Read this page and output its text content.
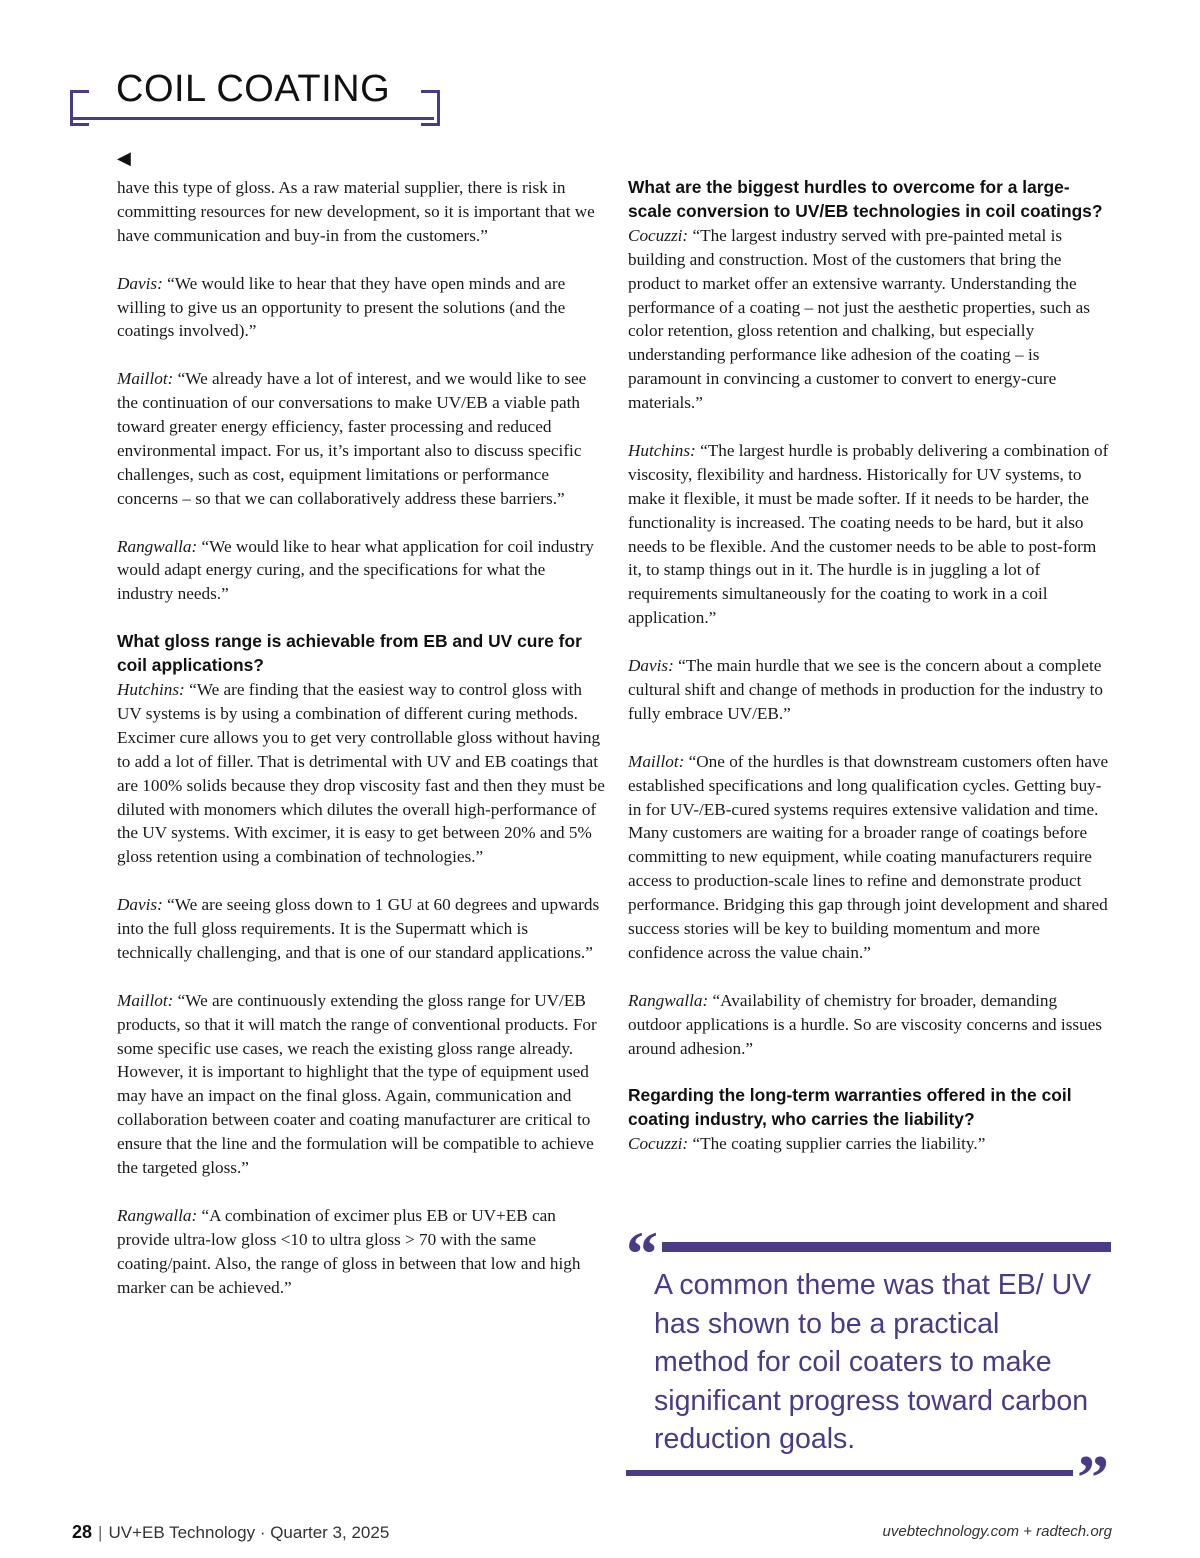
COIL COATING
◀

have this type of gloss. As a raw material supplier, there is risk in committing resources for new development, so it is important that we have communication and buy-in from the customers.”

Davis: “We would like to hear that they have open minds and are willing to give us an opportunity to present the solutions (and the coatings involved).”

Maillot: “We already have a lot of interest, and we would like to see the continuation of our conversations to make UV/EB a viable path toward greater energy efficiency, faster processing and reduced environmental impact. For us, it’s important also to discuss specific challenges, such as cost, equipment limitations or performance concerns – so that we can collaboratively address these barriers.”

Rangwalla: “We would like to hear what application for coil industry would adapt energy curing, and the specifications for what the industry needs.”

What gloss range is achievable from EB and UV cure for coil applications?

Hutchins: “We are finding that the easiest way to control gloss with UV systems is by using a combination of different curing methods. Excimer cure allows you to get very controllable gloss without having to add a lot of filler. That is detrimental with UV and EB coatings that are 100% solids because they drop viscosity fast and then they must be diluted with monomers which dilutes the overall high-performance of the UV systems. With excimer, it is easy to get between 20% and 5% gloss retention using a combination of technologies.”

Davis: “We are seeing gloss down to 1 GU at 60 degrees and upwards into the full gloss requirements. It is the Supermatt which is technically challenging, and that is one of our standard applications.”

Maillot: “We are continuously extending the gloss range for UV/EB products, so that it will match the range of conventional products. For some specific use cases, we reach the existing gloss range already. However, it is important to highlight that the type of equipment used may have an impact on the final gloss. Again, communication and collaboration between coater and coating manufacturer are critical to ensure that the line and the formulation will be compatible to achieve the targeted gloss.”

Rangwalla: “A combination of excimer plus EB or UV+EB can provide ultra-low gloss <10 to ultra gloss > 70 with the same coating/paint. Also, the range of gloss in between that low and high marker can be achieved.”

What are the biggest hurdles to overcome for a large-scale conversion to UV/EB technologies in coil coatings?

Cocuzzi: “The largest industry served with pre-painted metal is building and construction. Most of the customers that bring the product to market offer an extensive warranty. Understanding the performance of a coating – not just the aesthetic properties, such as color retention, gloss retention and chalking, but especially understanding performance like adhesion of the coating – is paramount in convincing a customer to convert to energy-cure materials.”

Hutchins: “The largest hurdle is probably delivering a combination of viscosity, flexibility and hardness. Historically for UV systems, to make it flexible, it must be made softer. If it needs to be harder, the functionality is increased. The coating needs to be hard, but it also needs to be flexible. And the customer needs to be able to post-form it, to stamp things out in it. The hurdle is in juggling a lot of requirements simultaneously for the coating to work in a coil application.”

Davis: “The main hurdle that we see is the concern about a complete cultural shift and change of methods in production for the industry to fully embrace UV/EB.”

Maillot: “One of the hurdles is that downstream customers often have established specifications and long qualification cycles. Getting buy-in for UV-/EB-cured systems requires extensive validation and time. Many customers are waiting for a broader range of coatings before committing to new equipment, while coating manufacturers require access to production-scale lines to refine and demonstrate product performance. Bridging this gap through joint development and shared success stories will be key to building momentum and more confidence across the value chain.”

Rangwalla: “Availability of chemistry for broader, demanding outdoor applications is a hurdle. So are viscosity concerns and issues around adhesion.”

Regarding the long-term warranties offered in the coil coating industry, who carries the liability?

Cocuzzi: “The coating supplier carries the liability.”

“
A common theme was that EB/ UV has shown to be a practical method for coil coaters to make significant progress toward carbon reduction goals.
”
28 | UV+EB Technology · Quarter 3, 2025	uvebtechnology.com + radtech.org
